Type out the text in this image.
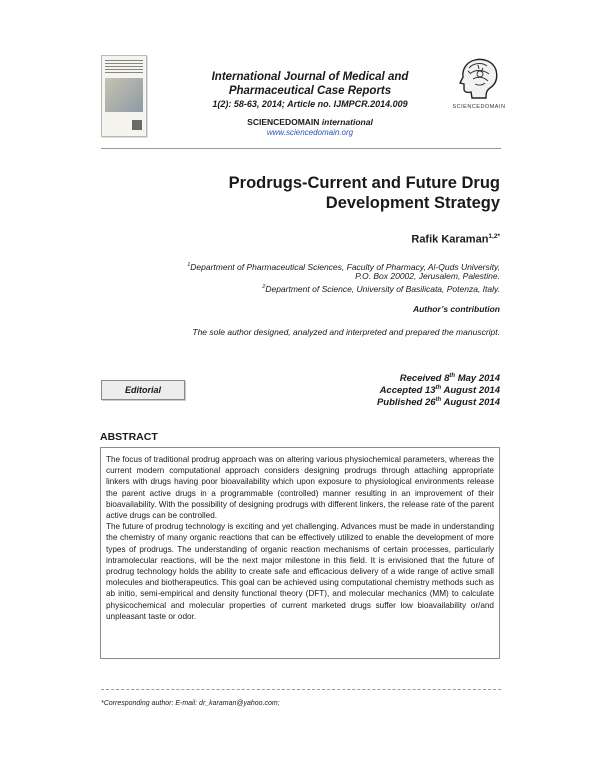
International Journal of Medical and
Pharmaceutical Case Reports
1(2): 58-63, 2014; Article no. IJMPCR.2014.009
SCIENCEDOMAIN international
www.sciencedomain.org
SCIENCEDOMAIN
Prodrugs-Current and Future Drug
Development Strategy
Rafik Karaman$^{1,2*}$
$^1$Department of Pharmaceutical Sciences, Faculty of Pharmacy, Al-Quds University,
P.O. Box 20002, Jerusalem, Palestine.
$^2$Department of Science, University of Basilicata, Potenza, Italy.
Author’s contribution
The sole author designed, analyzed and interpreted and prepared the manuscript.
Editorial
Received 8th May 2014
Accepted 13th August 2014
Published 26th August 2014
ABSTRACT

The focus of traditional prodrug approach was on altering various physiochemical parameters, whereas the current modern computational approach considers designing prodrugs through attaching appropriate linkers with drugs having poor bioavailability which upon exposure to physiological environments release the parent active drugs in a programmable (controlled) manner resulting in an improvement of their bioavailability. With the possibility of designing prodrugs with different linkers, the release rate of the parent active drugs can be controlled.

The future of prodrug technology is exciting and yet challenging. Advances must be made in understanding the chemistry of many organic reactions that can be effectively utilized to enable the development of more types of prodrugs. The understanding of organic reaction mechanisms of certain processes, particularly intramolecular reactions, will be the next major milestone in this field. It is envisioned that the future of prodrug technology holds the ability to create safe and efficacious delivery of a wide range of active small molecules and biotherapeutics. This goal can be achieved using computational chemistry methods such as ab initio, semi-empirical and density functional theory (DFT), and molecular mechanics (MM) to calculate physicochemical and molecular properties of current marketed drugs suffer low bioavailability or/and unpleasant taste or odor.

*Corresponding author: E-mail: dr_karaman@yahoo.com;
